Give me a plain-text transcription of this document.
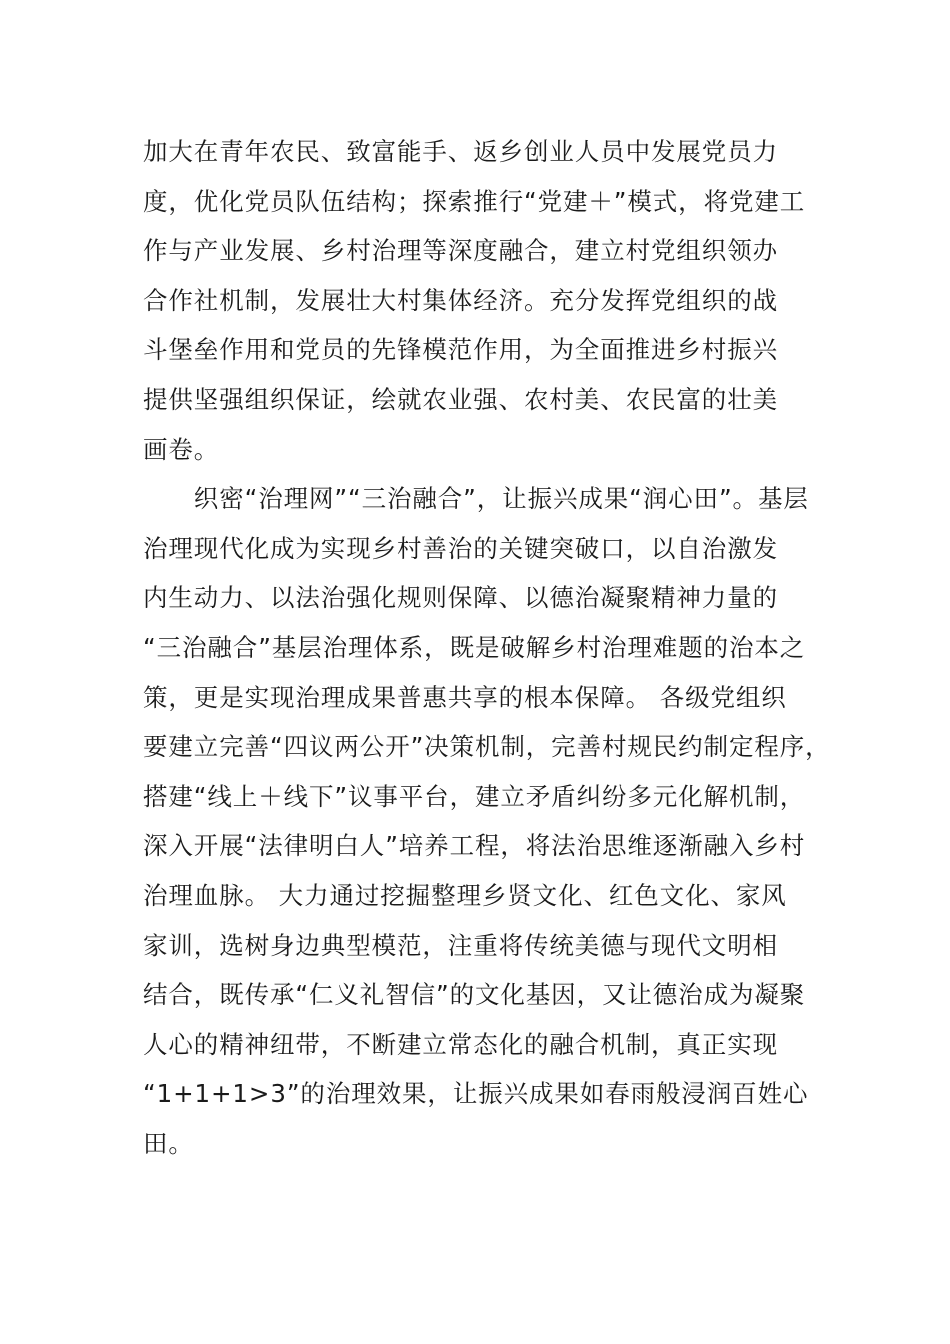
加大在青年农民、致富能手、返乡创业人员中发展党员力
度，优化党员队伍结构；探索推行“党建＋”模式，将党建工
作与产业发展、乡村治理等深度融合，建立村党组织领办
合作社机制，发展壮大村集体经济。充分发挥党组织的战
斗堡垒作用和党员的先锋模范作用，为全面推进乡村振兴
提供坚强组织保证，绘就农业强、农村美、农民富的壮美
画卷。
　　织密“治理网”“三治融合”，让振兴成果“润心田”。基层
治理现代化成为实现乡村善治的关键突破口，以自治激发
内生动力、以法治强化规则保障、以德治凝聚精神力量的
“三治融合”基层治理体系，既是破解乡村治理难题的治本之
策，更是实现治理成果普惠共享的根本保障。 各级党组织
要建立完善“四议两公开”决策机制，完善村规民约制定程序，
搭建“线上＋线下”议事平台，建立矛盾纠纷多元化解机制，
深入开展“法律明白人”培养工程，将法治思维逐渐融入乡村
治理血脉。 大力通过挖掘整理乡贤文化、红色文化、家风
家训，选树身边典型模范，注重将传统美德与现代文明相
结合，既传承“仁义礼智信”的文化基因，又让德治成为凝聚
人心的精神纽带，不断建立常态化的融合机制，真正实现
“1+1+1>3”的治理效果，让振兴成果如春雨般浸润百姓心
田。
